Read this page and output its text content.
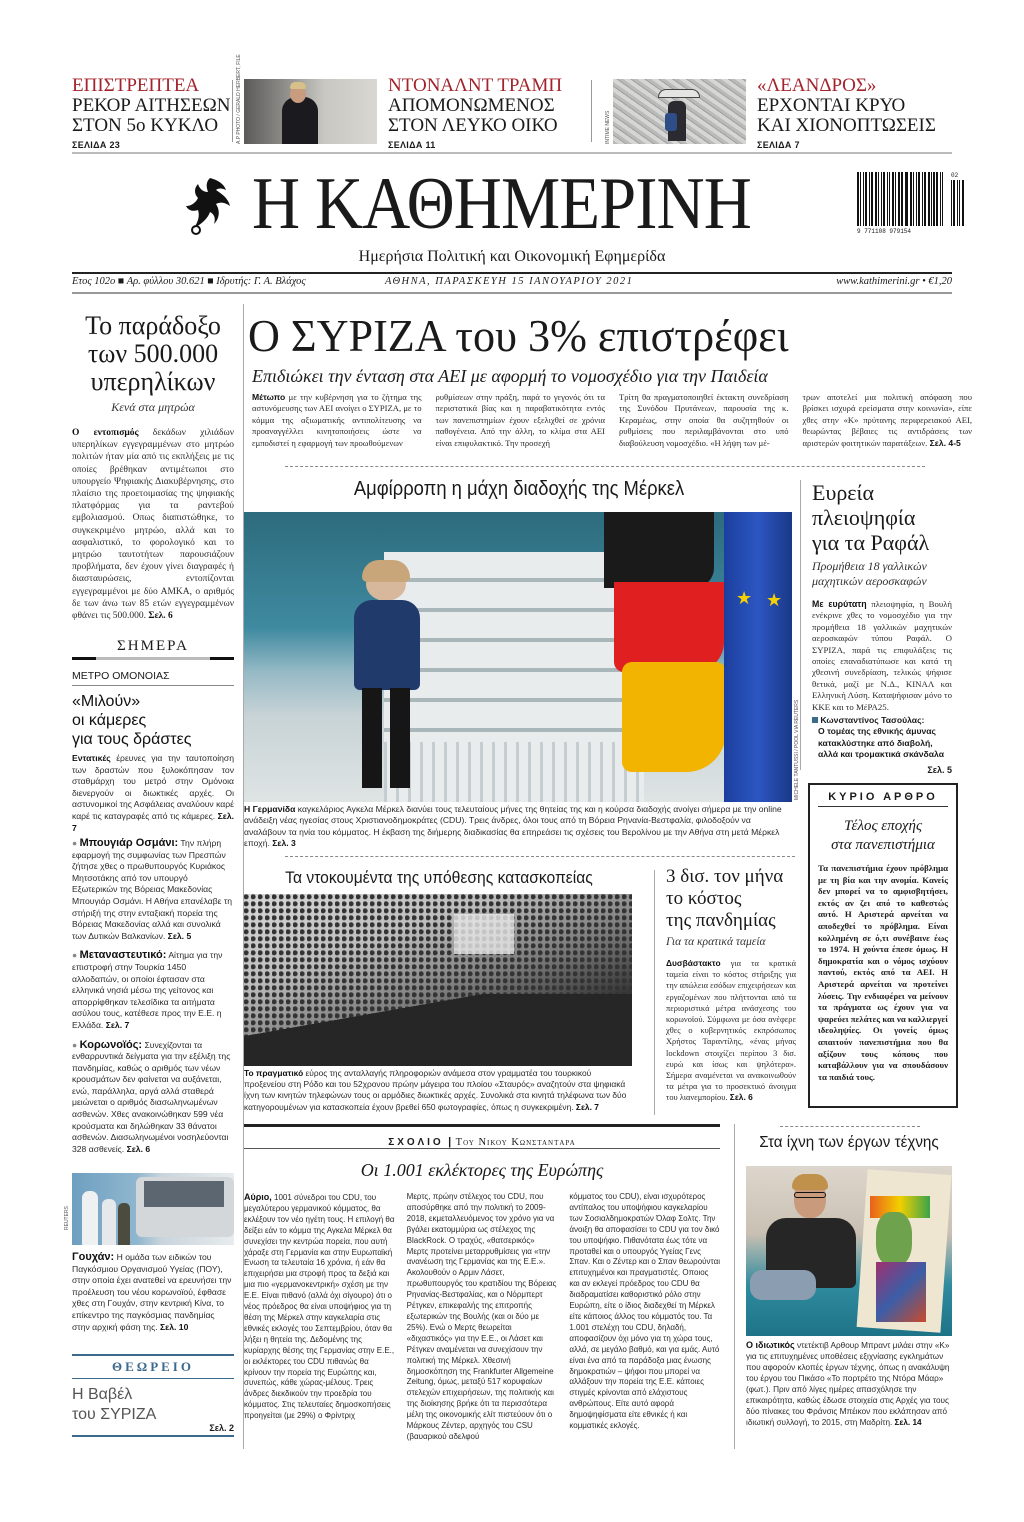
ΕΠΙΣΤΡΕΠΤΕΑ
ΡΕΚΟΡ ΑΙΤΗΣΕΩΝ
ΣΤΟΝ 5ο ΚΥΚΛΟ
ΣΕΛΙΔΑ 23
A.P PHOTO / GERALD HERBERT, FILE	ΝΤΟΝΑΛΝΤ ΤΡΑΜΠ
ΑΠΟΜΟΝΩΜΕΝΟΣ
ΣΤΟΝ ΛΕΥΚΟ ΟΙΚΟ
ΣΕΛΙΔΑ 11
INTIME NEWS
«ΛΕΑΝΔΡΟΣ»
ΕΡΧΟΝΤΑΙ ΚΡΥΟ
ΚΑΙ ΧΙΟΝΟΠΤΩΣΕΙΣ
ΣΕΛΙΔΑ 7
Η ΚΑΘΗΜΕΡΙΝΗ	02
9 771108 979154
Ημερήσια Πολιτική και Οικονομική Εφημερίδα
Ετος 102ο ■ Αρ. φύλλου 30.621 ■ Ιδρυτής: Γ. Α. Βλάχος	ΑΘΗΝΑ, ΠΑΡΑΣΚΕΥΗ 15 ΙΑΝΟΥΑΡΙΟΥ 2021	www.kathimerini.gr • €1,20
Το παράδοξο
των 500.000
υπερηλίκων
Κενά στα μητρώα
Ο εντοπισμός δεκάδων χιλιάδων υπερηλίκων εγγεγραμμένων στο μητρώο πολιτών ήταν μία από τις εκπλήξεις με τις οποίες βρέθηκαν αντιμέτωποι στο υπουργείο Ψηφιακής Διακυβέρνησης, στο πλαίσιο της προετοιμασίας της ψηφιακής πλατφόρμας για τα ραντεβού εμβολιασμού. Οπως διαπιστώθηκε, το συγκεκριμένο μητρώο, αλλά και το ασφαλιστικό, το φορολογικό και το μητρώο ταυτοτήτων παρουσιάζουν προβλήματα, δεν έχουν γίνει διαγραφές ή διασταυρώσεις, εντοπίζονται εγγεγραμμένοι με δύο ΑΜΚΑ, ο αριθμός δε των άνω των 85 ετών εγγεγραμμένων φθάνει τις 500.000. Σελ. 6
ΣΗΜΕΡΑ
ΜΕΤΡΟ ΟΜΟΝΟΙΑΣ
«Μιλούν»
οι κάμερες
για τους δράστες
Εντατικές έρευνες για την ταυτοποίηση των δραστών που ξυλοκόπησαν τον σταθμάρχη του μετρό στην Ομόνοια διενεργούν οι διωκτικές αρχές. Οι αστυνομικοί της Ασφάλειας αναλύουν καρέ καρέ τις καταγραφές από τις κάμερες. Σελ. 7
● Μπουγιάρ Οσμάνι: Την πλήρη εφαρμογή της συμφωνίας των Πρεσπών ζήτησε χθες ο πρωθυπουργός Κυριάκος Μητσοτάκης από τον υπουργό Εξωτερικών της Βόρειας Μακεδονίας Μπουγιάρ Οσμάνι. Η Αθήνα επανέλαβε τη στήριξή της στην ενταξιακή πορεία της Βόρειας Μακεδονίας αλλά και συνολικά των Δυτικών Βαλκανίων. Σελ. 5
● Μεταναστευτικό: Αίτημα για την επιστροφή στην Τουρκία 1450 αλλοδαπών, οι οποίοι έφτασαν στα ελληνικά νησιά μέσω της γείτονος και απορρίφθηκαν τελεσίδικα τα αιτήματα ασύλου τους, κατέθεσε προς την Ε.Ε. η Ελλάδα. Σελ. 7
● Κορωνοϊός: Συνεχίζονται τα ενθαρρυντικά δείγματα για την εξέλιξη της πανδημίας, καθώς ο αριθμός των νέων κρουσμάτων δεν φαίνεται να αυξάνεται, ενώ, παράλληλα, αργά αλλά σταθερά μειώνεται ο αριθμός διασωληνωμένων ασθενών. Χθες ανακοινώθηκαν 599 νέα κρούσματα και δηλώθηκαν 33 θάνατοι ασθενών. Διασωληνωμένοι νοσηλεύονται 328 ασθενείς. Σελ. 6
REUTERS
Γουχάν: Η ομάδα των ειδικών του Παγκόσμιου Οργανισμού Υγείας (ΠΟΥ), στην οποία έχει ανατεθεί να ερευνήσει την προέλευση του νέου κορωνοϊού, έφθασε χθες στη Γουχάν, στην κεντρική Κίνα, το επίκεντρο της παγκόσμιας πανδημίας στην αρχική φάση της. Σελ. 10
ΘΕΩΡΕΙΟ
Η Βαβέλ
του ΣΥΡΙΖΑ
Σελ. 2
Ο ΣΥΡΙΖΑ του 3% επιστρέφει
Επιδιώκει την ένταση στα ΑΕΙ με αφορμή το νομοσχέδιο για την Παιδεία
Μέτωπο με την κυβέρνηση για το ζήτημα της αστυνόμευσης των ΑΕΙ ανοίγει ο ΣΥΡΙΖΑ, με το κόμμα της αξιωματικής αντιπολίτευσης να προαναγγέλλει κινητοποιήσεις ώστε να εμποδιστεί η εφαρμογή των προωθούμενων
ρυθμίσεων στην πράξη, παρά το γεγονός ότι τα περιστατικά βίας και η παραβατικότητα εντός των πανεπιστημίων έχουν εξελιχθεί σε χρόνια παθογένεια. Από την άλλη, το κλίμα στα ΑΕΙ είναι επιφυλακτικό. Την προσεχή
Τρίτη θα πραγματοποιηθεί έκτακτη συνεδρίαση της Συνόδου Πρυτάνεων, παρουσία της κ. Κεραμέως, στην οποία θα συζητηθούν οι ρυθμίσεις που περιλαμβάνονται στο υπό διαβούλευση νομοσχέδιο. «Η λήψη των μέ-
τρων αποτελεί μια πολιτική απόφαση που βρίσκει ισχυρά ερείσματα στην κοινωνία», είπε χθες στην «Κ» πρύτανης περιφερειακού ΑΕΙ, θεωρώντας βέβαιες τις αντιδράσεις των αριστερών φοιτητικών παρατάξεων. Σελ. 4-5
Αμφίρροπη η μάχη διαδοχής της Μέρκελ
★ ★
MICHELE TANTUSSI / POOL VIA REUTERS
Η Γερμανίδα καγκελάριος Αγκελα Μέρκελ διανύει τους τελευταίους μήνες της θητείας της και η κούρσα διαδοχής ανοίγει σήμερα με την online ανάδειξη νέας ηγεσίας στους Χριστιανοδημοκράτες (CDU). Τρεις άνδρες, όλοι τους από τη Βόρεια Ρηνανία-Βεστφαλία, φιλοδοξούν να αναλάβουν τα ηνία του κόμματος. Η έκβαση της διήμερης διαδικασίας θα επηρεάσει τις σχέσεις του Βερολίνου με την Αθήνα στη μετά Μέρκελ εποχή. Σελ. 3
Ευρεία
πλειοψηφία
για τα Ραφάλ
Προμήθεια 18 γαλλικών μαχητικών αεροσκαφών
Με ευρύτατη πλειοψηφία, η Βουλή ενέκρινε χθες το νομοσχέδιο για την προμήθεια 18 γαλλικών μαχητικών αεροσκαφών τύπου Ραφάλ. Ο ΣΥΡΙΖΑ, παρά τις επιφυλάξεις τις οποίες επαναδιατύπωσε και κατά τη χθεσινή συνεδρίαση, τελικώς ψήφισε θετικά, μαζί με Ν.Δ., ΚΙΝΑΛ και Ελληνική Λύση. Καταψήφισαν μόνο το ΚΚΕ και το ΜέΡΑ25.
Κωνσταντίνος Τασούλας:
Ο τομέας της εθνικής άμυνας κατακλύστηκε από διαβολή, αλλά και τρομακτικά σκάνδαλα
Σελ. 5
ΚΥΡΙΟ ΑΡΘΡΟ
Τέλος εποχής
στα πανεπιστήμια
Τα πανεπιστήμια έχουν πρόβλημα με τη βία και την ανομία. Κανείς δεν μπορεί να το αμφισβητήσει, εκτός αν ζει από το καθεστώς αυτό. Η Αριστερά αρνείται να αποδεχθεί το πρόβλημα. Είναι κολλημένη σε ό,τι συνέβαινε έως το 1974. Η χούντα έπεσε όμως. Η δημοκρατία και ο νόμος ισχύουν παντού, εκτός από τα ΑΕΙ. Η Αριστερά αρνείται να προτείνει λύσεις. Την ενδιαφέρει να μείνουν τα πράγματα ως έχουν για να ψαρεύει πελάτες και να καλλιεργεί ιδεοληψίες. Οι γονείς όμως απαιτούν πανεπιστήμια που θα αξίζουν τους κόπους που καταβάλλουν για να σπουδάσουν τα παιδιά τους.
Τα ντοκουμέντα της υπόθεσης κατασκοπείας
Το πραγματικό εύρος της ανταλλαγής πληροφοριών ανάμεσα στον γραμματέα του τουρκικού προξενείου στη Ρόδο και του 52χρονου πρώην μάγειρα του πλοίου «Σταυρός» αναζητούν στα ψηφιακά ίχνη των κινητών τηλεφώνων τους οι αρμόδιες διωκτικές αρχές. Συνολικά στα κινητά τηλέφωνα των δύο κατηγορουμένων για κατασκοπεία έχουν βρεθεί 650 φωτογραφίες, όπως η συγκεκριμένη. Σελ. 7
3 δισ. τον μήνα
το κόστος
της πανδημίας
Για τα κρατικά ταμεία
Δυσβάστακτο για τα κρατικά ταμεία είναι το κόστος στήριξης για την απώλεια εσόδων επιχειρήσεων και εργαζομένων που πλήττονται από τα περιοριστικά μέτρα ανάσχεσης του κορωνοϊού. Σύμφωνα με όσα ανέφερε χθες ο κυβερνητικός εκπρόσωπος Χρήστος Ταραντίλης, «ένας μήνας lockdown στοιχίζει περίπου 3 δισ. ευρώ και ίσως και ψηλότερα». Σήμερα αναμένεται να ανακοινωθούν τα μέτρα για το προσεκτικό άνοιγμα του λιανεμπορίου. Σελ. 6
ΣΧΟΛΙΟ | Του Νικου Κωνσταντaρα
Οι 1.001 εκλέκτορες της Ευρώπης
Αύριο, 1001 σύνεδροι του CDU, του μεγαλύτερου γερμανικού κόμματος, θα εκλέξουν τον νέο ηγέτη τους. Η επιλογή θα δείξει εάν το κόμμα της Αγκελα Μέρκελ θα συνεχίσει την κεντρώα πορεία, που αυτή χάραξε στη Γερμανία και στην Ευρωπαϊκή Ενωση τα τελευταία 16 χρόνια, ή εάν θα επιχειρήσει μια στροφή προς τα δεξιά και μια πιο «γερμανοκεντρική» σχέση με την Ε.Ε. Είναι πιθανό (αλλά όχι σίγουρο) ότι ο νέος πρόεδρος θα είναι υποψήφιος για τη θέση της Μέρκελ στην καγκελαρία στις εθνικές εκλογές του Σεπτεμβρίου, όταν θα λήξει η θητεία της. Δεδομένης της κυρίαρχης θέσης της Γερμανίας στην Ε.Ε., οι εκλέκτορες του CDU πιθανώς θα κρίνουν την πορεία της Ευρώπης και, συνεπώς, κάθε χώρας-μέλους. Τρεις άνδρες διεκδικούν την προεδρία του κόμματος. Στις τελευταίες δημοσκοπήσεις προηγείται (με 29%) ο Φρίντριχ
Μερτς, πρώην στέλεχος του CDU, που αποσύρθηκε από την πολιτική το 2009-2018, εκμεταλλευόμενος τον χρόνο για να βγάλει εκατομμύρια ως στέλεχος της BlackRock. Ο τραχύς, «θατσερικός» Μερτς προτείνει μεταρρυθμίσεις για «την ανανέωση της Γερμανίας και της Ε.Ε.». Ακολουθούν ο Αρμιν Λάσετ, πρωθυπουργός του κρατιδίου της Βόρειας Ρηνανίας-Βεστφαλίας, και ο Νόρμπερτ Ρέτγκεν, επικεφαλής της επιτροπής εξωτερικών της Βουλής (και οι δύο με 25%). Ενώ ο Μερτς θεωρείται «διχαστικός» για την Ε.Ε., οι Λάσετ και Ρέτγκεν αναμένεται να συνεχίσουν την πολιτική της Μέρκελ. Χθεσινή δημοσκόπηση της Frankfurter Allgemeine Zeitung, όμως, μεταξύ 517 κορυφαίων στελεχών επιχειρήσεων, της πολιτικής και της διοίκησης βρήκε ότι τα περισσότερα μέλη της οικονομικής ελίτ πιστεύουν ότι ο Μάρκους Ζέντερ, αρχηγός του CSU (βαυαρικού αδελφού
κόμματος του CDU), είναι ισχυρότερος αντίπαλος του υποψήφιου καγκελαρίου των Σοσιαλδημοκρατών Όλαφ Σολτς. Την άνοιξη θα αποφασίσει το CDU για τον δικό του υποψήφιο. Πιθανότατα έως τότε να προταθεί και ο υπουργός Υγείας Γενς Σπαν. Και ο Ζέντερ και ο Σπαν θεωρούνται επιτυχημένοι και πραγματιστές. Οποιος και αν εκλεγεί πρόεδρος του CDU θα διαδραματίσει καθοριστικό ρόλο στην Ευρώπη, είτε ο ίδιος διαδεχθεί τη Μέρκελ είτε κάποιος άλλος του κόμματός του. Τα 1.001 στελέχη του CDU, δηλαδή, αποφασίζουν όχι μόνο για τη χώρα τους, αλλά, σε μεγάλο βαθμό, και για εμάς. Αυτό είναι ένα από τα παράδοξα μιας ένωσης δημοκρατιών – ψήφοι που μπορεί να αλλάξουν την πορεία της Ε.Ε. κάποιες στιγμές κρίνονται από ελάχιστους ανθρώπους. Είτε αυτό αφορά δημοψηφίσματα είτε εθνικές ή και κομματικές εκλογές.
Στα ίχνη των έργων τέχνης
Ο ιδιωτικός ντετέκτιβ Αρθουρ Μπραντ μιλάει στην «Κ» για τις επιτυχημένες υποθέσεις εξιχνίασης εγκλημάτων που αφορούν κλοπές έργων τέχνης, όπως η ανακάλυψη του έργου του Πικάσο «Το πορτρέτο της Ντόρα Μάαρ» (φωτ.). Πριν από λίγες ημέρες απασχόλησε την επικαιρότητα, καθώς έδωσε στοιχεία στις Αρχές για τους δύο πίνακες του Φράνσις Μπέικον που εκλάπησαν από ιδιωτική συλλογή, το 2015, στη Μαδρίτη. Σελ. 14
